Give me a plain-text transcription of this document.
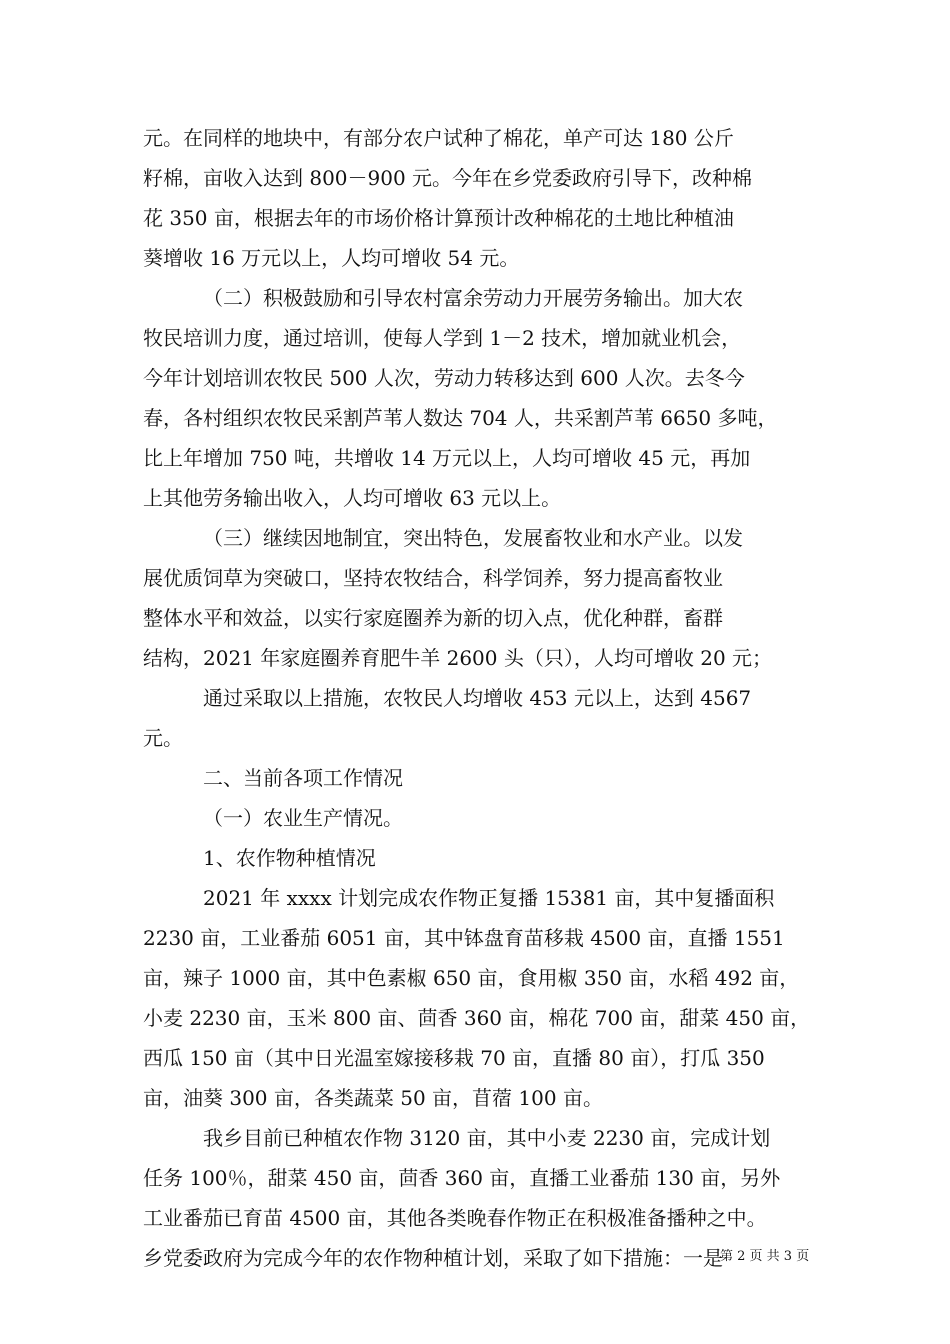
元。在同样的地块中，有部分农户试种了棉花，单产可达 180 公斤
籽棉，亩收入达到 800－900 元。今年在乡党委政府引导下，改种棉
花 350 亩，根据去年的市场价格计算预计改种棉花的土地比种植油
葵增收 16 万元以上，人均可增收 54 元。
（二）积极鼓励和引导农村富余劳动力开展劳务输出。加大农
牧民培训力度，通过培训，使每人学到 1－2 技术，增加就业机会，
今年计划培训农牧民 500 人次，劳动力转移达到 600 人次。去冬今
春，各村组织农牧民采割芦苇人数达 704 人，共采割芦苇 6650 多吨，
比上年增加 750 吨，共增收 14 万元以上，人均可增收 45 元，再加
上其他劳务输出收入，人均可增收 63 元以上。
（三）继续因地制宜，突出特色，发展畜牧业和水产业。以发
展优质饲草为突破口，坚持农牧结合，科学饲养，努力提高畜牧业
整体水平和效益，以实行家庭圈养为新的切入点，优化种群，畜群
结构，2021 年家庭圈养育肥牛羊 2600 头（只），人均可增收 20 元；
通过采取以上措施，农牧民人均增收 453 元以上，达到 4567
元。
二、当前各项工作情况
（一）农业生产情况。
1、农作物种植情况
2021 年 xxxx 计划完成农作物正复播 15381 亩，其中复播面积
2230 亩，工业番茄 6051 亩，其中钵盘育苗移栽 4500 亩，直播 1551
亩，辣子 1000 亩，其中色素椒 650 亩，食用椒 350 亩，水稻 492 亩，
小麦 2230 亩，玉米 800 亩、茴香 360 亩，棉花 700 亩，甜菜 450 亩，
西瓜 150 亩（其中日光温室嫁接移栽 70 亩，直播 80 亩），打瓜 350
亩，油葵 300 亩，各类蔬菜 50 亩，苜蓿 100 亩。
我乡目前已种植农作物 3120 亩，其中小麦 2230 亩，完成计划
任务 100％，甜菜 450 亩，茴香 360 亩，直播工业番茄 130 亩，另外
工业番茄已育苗 4500 亩，其他各类晚春作物正在积极准备播种之中。
乡党委政府为完成今年的农作物种植计划，采取了如下措施：一是
第 2 页 共 3 页
